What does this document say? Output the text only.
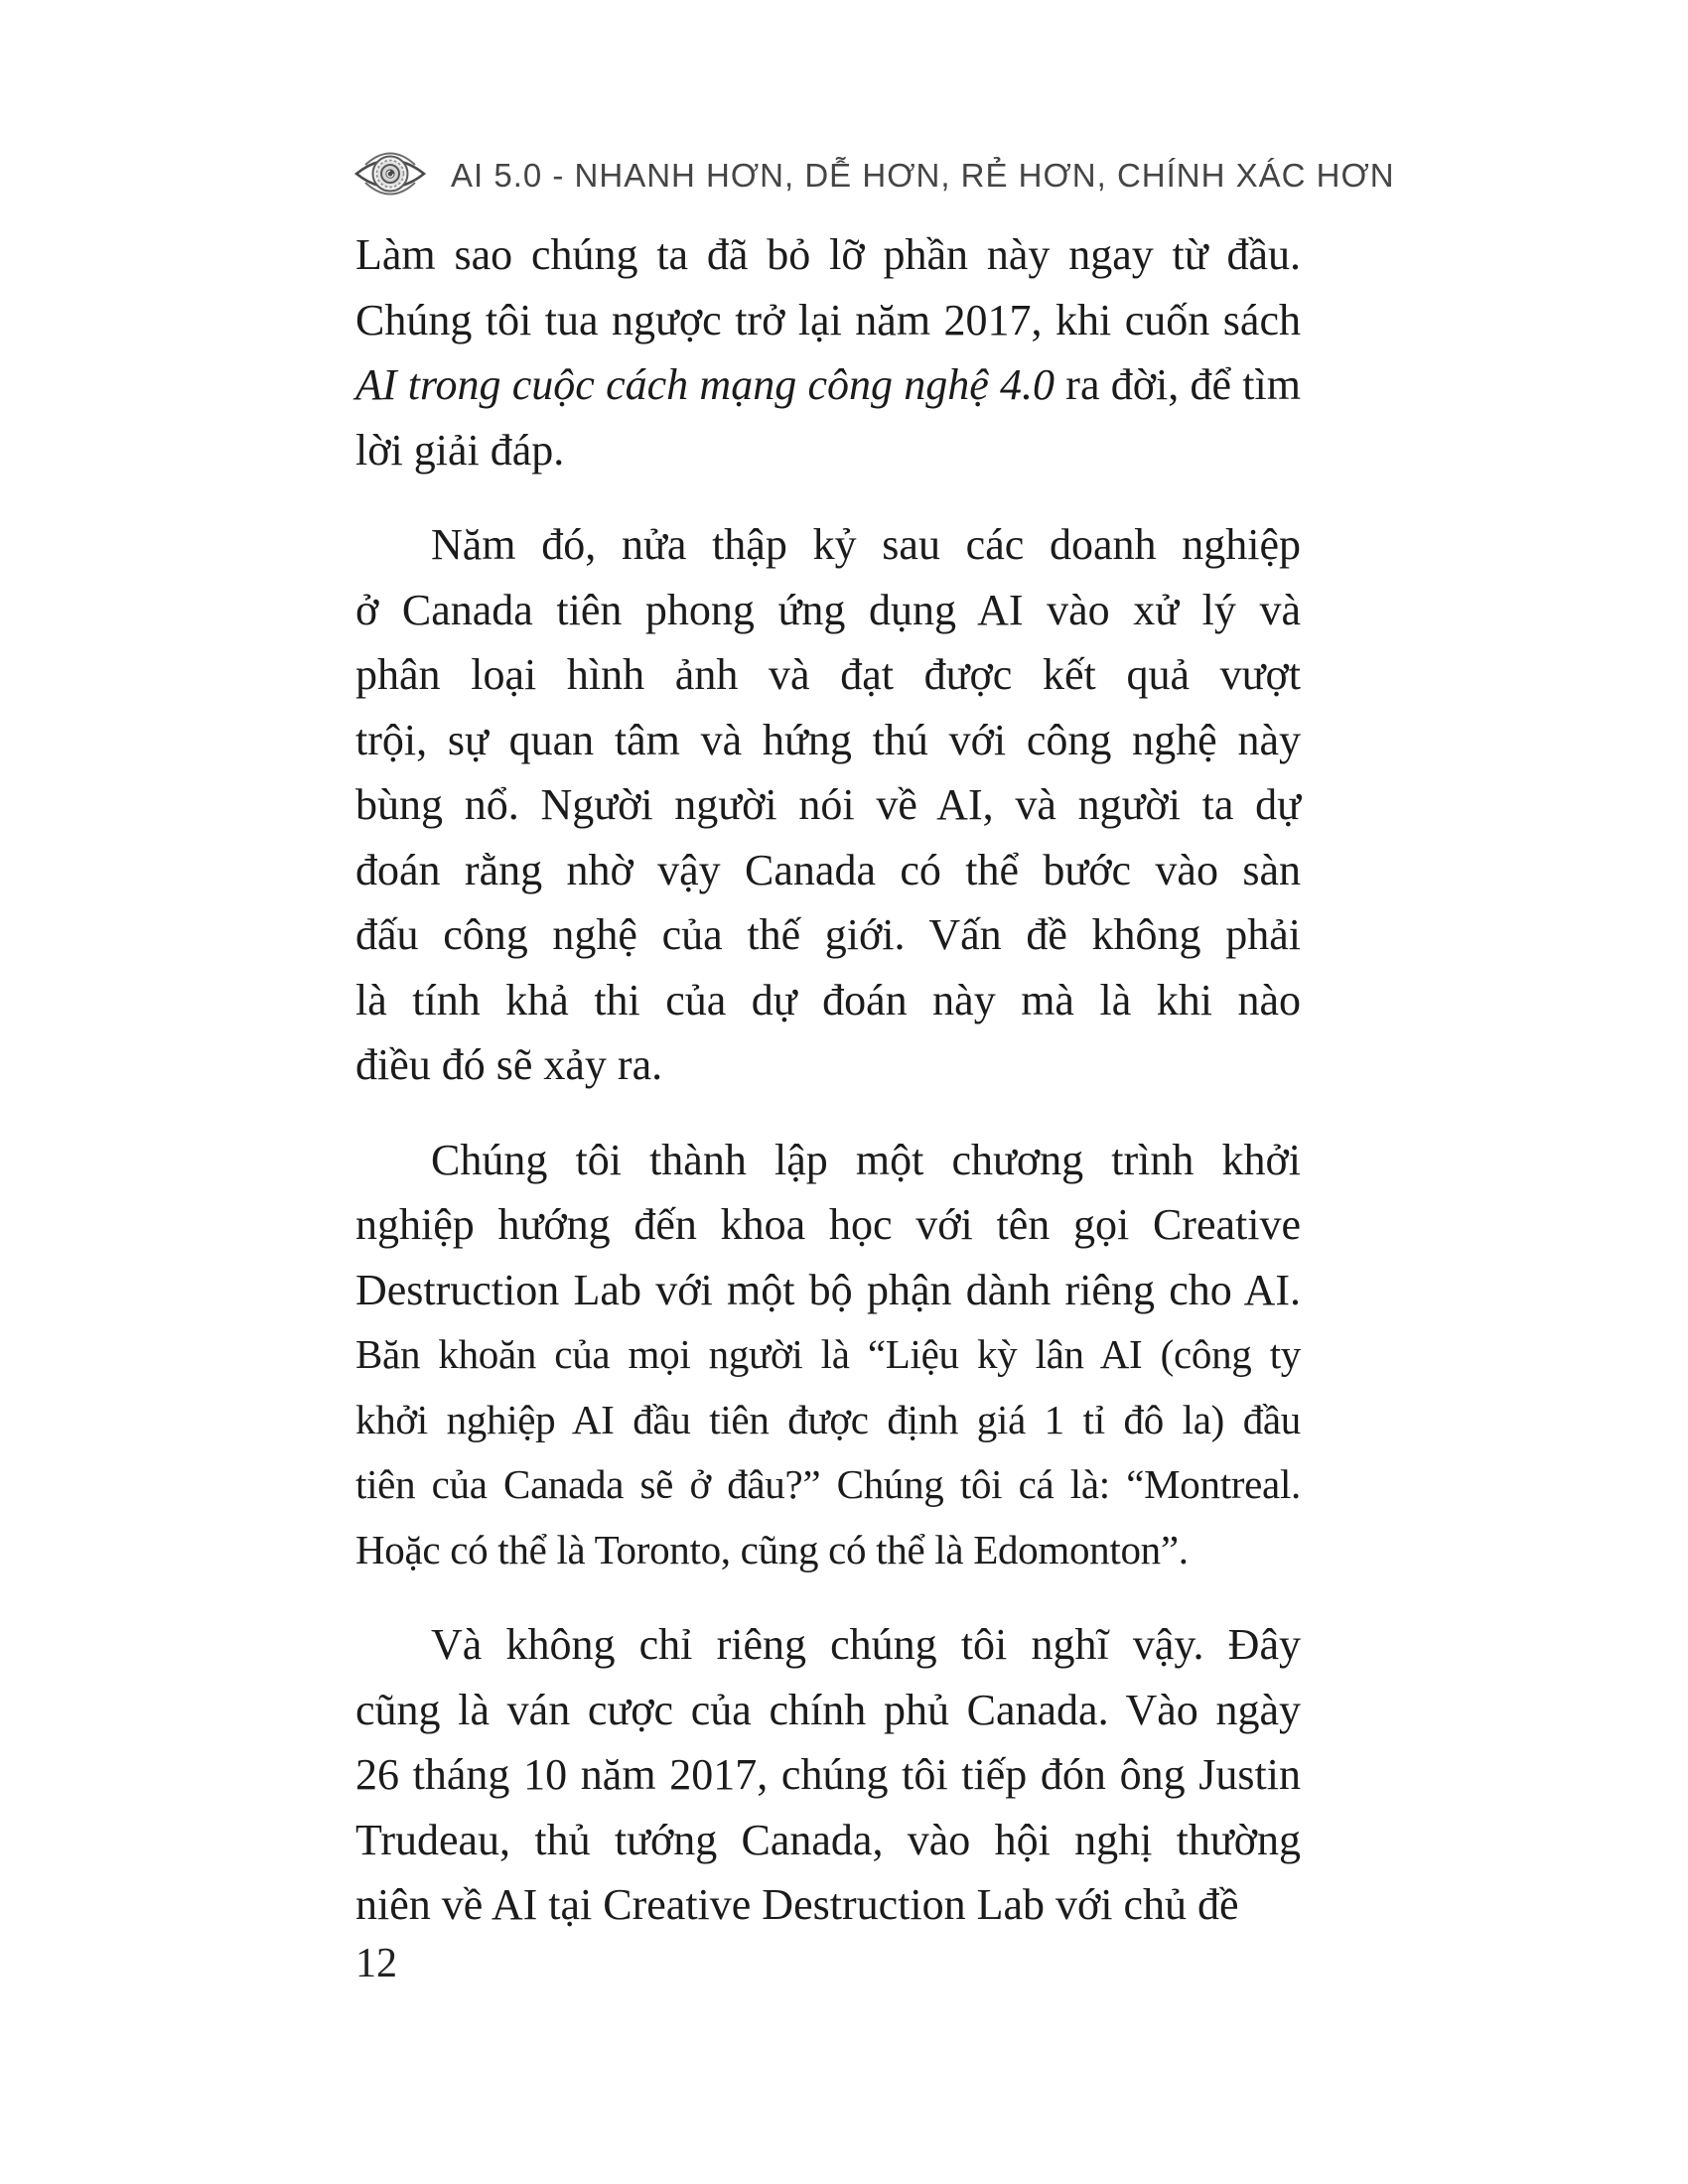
AI 5.0 - NHANH HƠN, DỄ HƠN, RẺ HƠN, CHÍNH XÁC HƠN
Làm sao chúng ta đã bỏ lỡ phần này ngay từ đầu.
Chúng tôi tua ngược trở lại năm 2017, khi cuốn sách
AI trong cuộc cách mạng công nghệ 4.0 ra đời, để tìm
lời giải đáp.
Năm đó, nửa thập kỷ sau các doanh nghiệp
ở Canada tiên phong ứng dụng AI vào xử lý và
phân loại hình ảnh và đạt được kết quả vượt
trội, sự quan tâm và hứng thú với công nghệ này
bùng nổ. Người người nói về AI, và người ta dự
đoán rằng nhờ vậy Canada có thể bước vào sàn
đấu công nghệ của thế giới. Vấn đề không phải
là tính khả thi của dự đoán này mà là khi nào
điều đó sẽ xảy ra.
Chúng tôi thành lập một chương trình khởi
nghiệp hướng đến khoa học với tên gọi Creative
Destruction Lab với một bộ phận dành riêng cho AI.
Băn khoăn của mọi người là “Liệu kỳ lân AI (công ty
khởi nghiệp AI đầu tiên được định giá 1 tỉ đô la) đầu
tiên của Canada sẽ ở đâu?” Chúng tôi cá là: “Montreal.
Hoặc có thể là Toronto, cũng có thể là Edomonton”.
Và không chỉ riêng chúng tôi nghĩ vậy. Đây
cũng là ván cược của chính phủ Canada. Vào ngày
26 tháng 10 năm 2017, chúng tôi tiếp đón ông Justin
Trudeau, thủ tướng Canada, vào hội nghị thường
niên về AI tại Creative Destruction Lab với chủ đề
12
